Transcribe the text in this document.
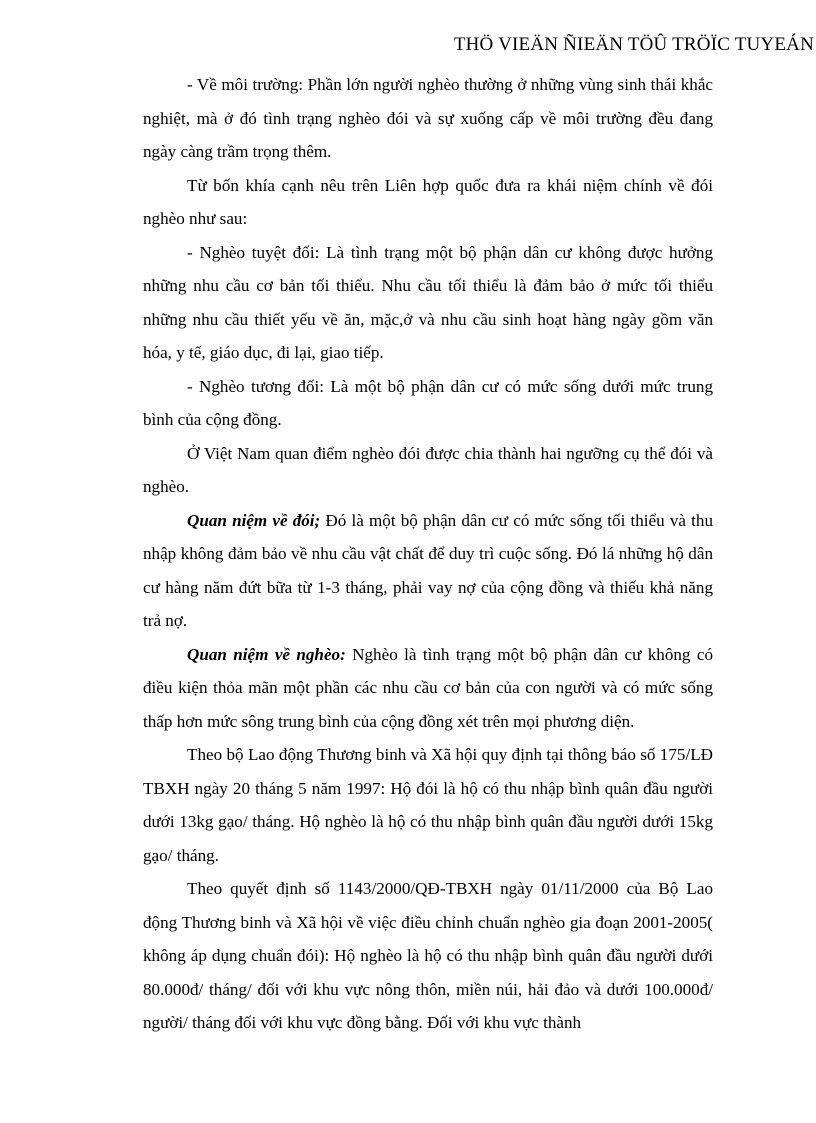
THÖ VIEÄN ÑIEÄN TÖÛ TRÖÏC TUYEÁN

- Về môi trường: Phần lớn người nghèo thường ở những vùng sinh thái khắc nghiệt, mà ở đó tình trạng nghèo đói và sự xuống cấp về môi trường đều đang ngày càng trầm trọng thêm.

Từ bốn khía cạnh nêu trên Liên hợp quốc đưa ra khái niệm chính về đói nghèo như sau:

- Nghèo tuyệt đối: Là tình trạng một bộ phận dân cư không được hưởng những nhu cầu cơ bản tối thiểu. Nhu cầu tối thiểu là đảm bảo ở mức tối thiểu những nhu cầu thiết yếu về ăn, mặc,ở và nhu cầu sinh hoạt hàng ngày gồm văn hóa, y tế, giáo dục, đi lại, giao tiếp.

- Nghèo tương đối: Là một bộ phận dân cư có mức sống dưới mức trung bình của cộng đồng.

Ở Việt Nam quan điểm nghèo đói được chia thành hai ngưỡng cụ thể đói và nghèo.

Quan niệm về đói; Đó là một bộ phận dân cư có mức sống tối thiểu và thu nhập không đảm bảo về nhu cầu vật chất để duy trì cuộc sống. Đó lá những hộ dân cư hàng năm đứt bữa từ 1-3 tháng, phải vay nợ của cộng đồng và thiếu khả năng trả nợ.

Quan niệm về nghèo: Nghèo là tình trạng một bộ phận dân cư không có điều kiện thỏa mãn một phần các nhu cầu cơ bản của con người và có mức sống thấp hơn mức sông trung bình của cộng đồng xét trên mọi phương diện.

Theo bộ Lao động Thương binh và Xã hội quy định tại thông báo số 175/LĐ TBXH ngày 20 tháng 5 năm 1997: Hộ đói là hộ có thu nhập bình quân đầu người dưới 13kg gạo/ tháng. Hộ nghèo là hộ có thu nhập bình quân đầu người dưới 15kg gạo/ tháng.

Theo quyết định số 1143/2000/QĐ-TBXH ngày 01/11/2000 của Bộ Lao động Thương binh và Xã hội về việc điều chỉnh chuẩn nghèo gia đoạn 2001-2005( không áp dụng chuẩn đói): Hộ nghèo là hộ có thu nhập bình quân đầu người dưới 80.000đ/ tháng/ đối với khu vực nông thôn, miền núi, hải đảo và dưới 100.000đ/ người/ tháng đối với khu vực đồng bằng. Đối với khu vực thành
